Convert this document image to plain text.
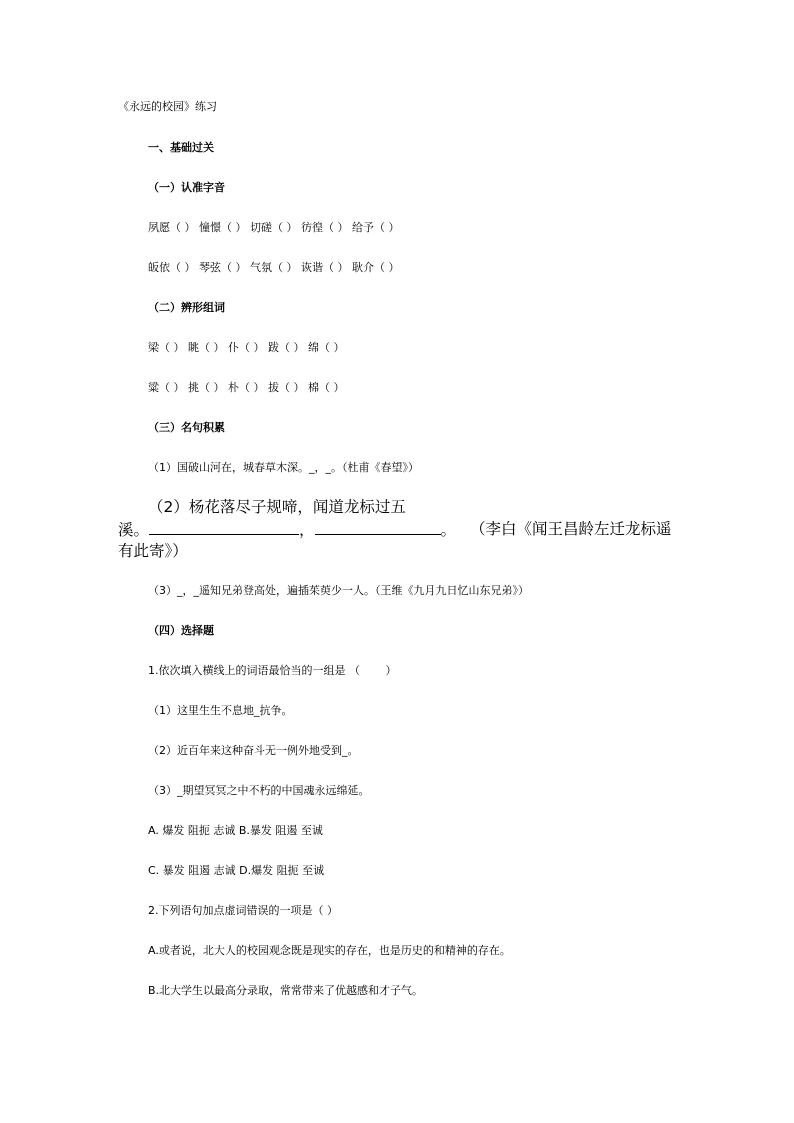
《永远的校园》练习
一、基础过关
（一）认准字音
夙愿（ ） 憧憬（ ） 切磋（ ） 彷徨（ ） 给予（ ）
皈依（ ） 琴弦（ ） 气氛（ ） 诙谐（ ） 耿介（ ）
（二）辨形组词
梁（ ） 眺（ ） 仆（ ） 跋（ ） 绵（ ）
粱（ ） 挑（ ） 朴（ ） 拔（ ） 棉（ ）
（三）名句积累
（1）国破山河在，城春草木深。_，_。（杜甫《春望》）
（2）杨花落尽子规啼，闻道龙标过五
溪。	，	。 （李白《闻王昌龄左迁龙标遥
有此寄》）
（3）_，_遥知兄弟登高处，遍插茱萸少一人。（王维《九月九日忆山东兄弟》）
（四）选择题
1.依次填入横线上的词语最恰当的一组是 （　　 ）
（1）这里生生不息地_抗争。
（2）近百年来这种奋斗无一例外地受到_。
（3）_期望冥冥之中不朽的中国魂永远绵延。
A. 爆发 阻扼 志诚 B.暴发 阻遏 至诚
C. 暴发 阻遏 志诚 D.爆发 阻扼 至诚
2.下列语句加点虚词错误的一项是（ ）
A.或者说，北大人的校园观念既是现实的存在，也是历史的和精神的存在。
B.北大学生以最高分录取，常常带来了优越感和才子气。
